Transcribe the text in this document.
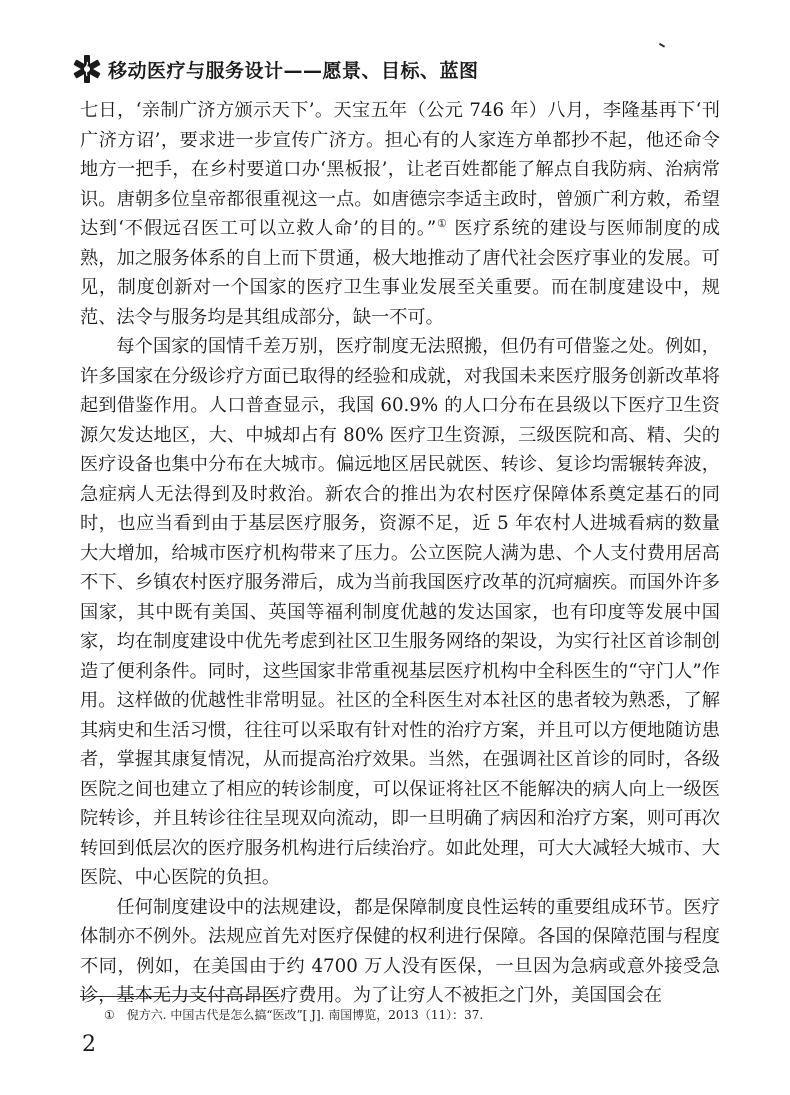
移动医疗与服务设计——愿景、目标、蓝图

七日，‘亲制广济方颁示天下’。天宝五年（公元 746 年）八月，李隆基再下‘刊广济方诏’，要求进一步宣传广济方。担心有的人家连方单都抄不起，他还命令地方一把手，在乡村要道口办‘黑板报’，让老百姓都能了解点自我防病、治病常识。唐朝多位皇帝都很重视这一点。如唐德宗李适主政时，曾颁广利方敕，希望达到‘不假远召医工可以立救人命’的目的。”① 医疗系统的建设与医师制度的成熟，加之服务体系的自上而下贯通，极大地推动了唐代社会医疗事业的发展。可见，制度创新对一个国家的医疗卫生事业发展至关重要。而在制度建设中，规范、法令与服务均是其组成部分，缺一不可。

每个国家的国情千差万别，医疗制度无法照搬，但仍有可借鉴之处。例如，许多国家在分级诊疗方面已取得的经验和成就，对我国未来医疗服务创新改革将起到借鉴作用。人口普查显示，我国 60.9% 的人口分布在县级以下医疗卫生资源欠发达地区，大、中城却占有 80% 医疗卫生资源，三级医院和高、精、尖的医疗设备也集中分布在大城市。偏远地区居民就医、转诊、复诊均需辗转奔波，急症病人无法得到及时救治。新农合的推出为农村医疗保障体系奠定基石的同时，也应当看到由于基层医疗服务，资源不足，近 5 年农村人进城看病的数量大大增加，给城市医疗机构带来了压力。公立医院人满为患、个人支付费用居高不下、乡镇农村医疗服务滞后，成为当前我国医疗改革的沉疴痼疾。而国外许多国家，其中既有美国、英国等福利制度优越的发达国家，也有印度等发展中国家，均在制度建设中优先考虑到社区卫生服务网络的架设，为实行社区首诊制创造了便利条件。同时，这些国家非常重视基层医疗机构中全科医生的“守门人”作用。这样做的优越性非常明显。社区的全科医生对本社区的患者较为熟悉，了解其病史和生活习惯，往往可以采取有针对性的治疗方案，并且可以方便地随访患者，掌握其康复情况，从而提高治疗效果。当然，在强调社区首诊的同时，各级医院之间也建立了相应的转诊制度，可以保证将社区不能解决的病人向上一级医院转诊，并且转诊往往呈现双向流动，即一旦明确了病因和治疗方案，则可再次转回到低层次的医疗服务机构进行后续治疗。如此处理，可大大减轻大城市、大医院、中心医院的负担。

任何制度建设中的法规建设，都是保障制度良性运转的重要组成环节。医疗体制亦不例外。法规应首先对医疗保健的权利进行保障。各国的保障范围与程度不同，例如，在美国由于约 4700 万人没有医保，一旦因为急病或意外接受急诊，基本无力支付高昂医疗费用。为了让穷人不被拒之门外，美国国会在

① 倪方六. 中国古代是怎么搞“医改”[ J]. 南国博览，2013（11）：37.
2
